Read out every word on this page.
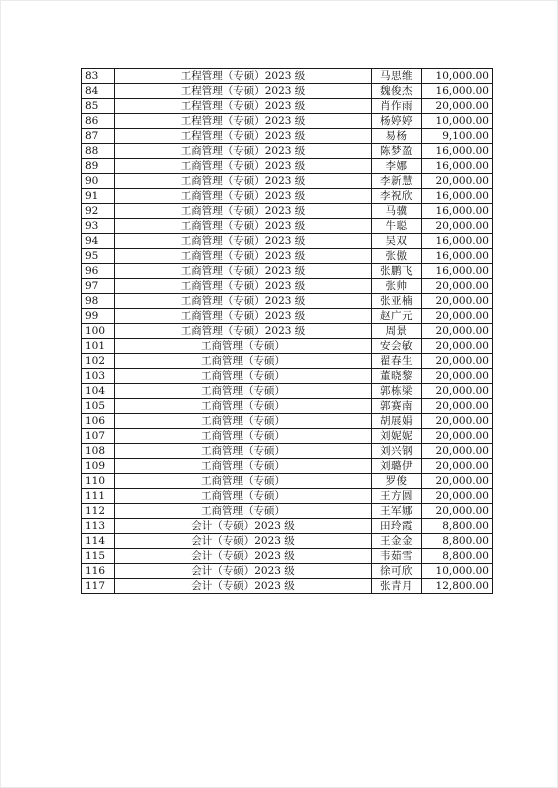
83	工程管理（专硕）2023 级	马思维	10,000.00
84	工程管理（专硕）2023 级	魏俊杰	16,000.00
85	工程管理（专硕）2023 级	肖作雨	20,000.00
86	工程管理（专硕）2023 级	杨婷婷	10,000.00
87	工程管理（专硕）2023 级	易杨	9,100.00
88	工商管理（专硕）2023 级	陈梦盈	16,000.00
89	工商管理（专硕）2023 级	李娜	16,000.00
90	工商管理（专硕）2023 级	李新慧	20,000.00
91	工商管理（专硕）2023 级	李祝欣	16,000.00
92	工商管理（专硕）2023 级	马骥	16,000.00
93	工商管理（专硕）2023 级	牛聪	20,000.00
94	工商管理（专硕）2023 级	吴双	16,000.00
95	工商管理（专硕）2023 级	张傲	16,000.00
96	工商管理（专硕）2023 级	张鹏飞	16,000.00
97	工商管理（专硕）2023 级	张帅	20,000.00
98	工商管理（专硕）2023 级	张亚楠	20,000.00
99	工商管理（专硕）2023 级	赵广元	20,000.00
100	工商管理（专硕）2023 级	周景	20,000.00
101	工商管理（专硕）	安会敏	20,000.00
102	工商管理（专硕）	翟春生	20,000.00
103	工商管理（专硕）	董晓黎	20,000.00
104	工商管理（专硕）	郭栋梁	20,000.00
105	工商管理（专硕）	郭赛南	20,000.00
106	工商管理（专硕）	胡展娟	20,000.00
107	工商管理（专硕）	刘妮妮	20,000.00
108	工商管理（专硕）	刘兴钢	20,000.00
109	工商管理（专硕）	刘璐伊	20,000.00
110	工商管理（专硕）	罗俊	20,000.00
111	工商管理（专硕）	王方圆	20,000.00
112	工商管理（专硕）	王军娜	20,000.00
113	会计（专硕）2023 级	田玲霞	8,800.00
114	会计（专硕）2023 级	王金金	8,800.00
115	会计（专硕）2023 级	韦茹雪	8,800.00
116	会计（专硕）2023 级	徐可欣	10,000.00
117	会计（专硕）2023 级	张青月	12,800.00
